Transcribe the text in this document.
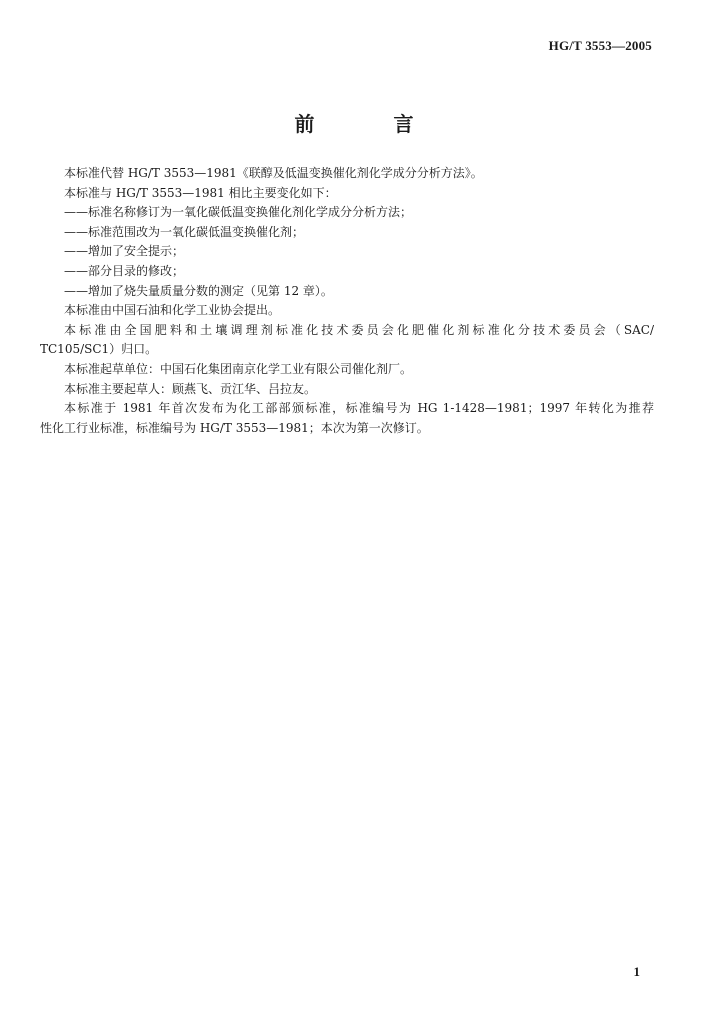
HG/T 3553—2005
前 言
本标准代替 HG/T 3553—1981《联醇及低温变换催化剂化学成分分析方法》。
本标准与 HG/T 3553—1981 相比主要变化如下：
——标准名称修订为一氧化碳低温变换催化剂化学成分分析方法；
——标准范围改为一氧化碳低温变换催化剂；
——增加了安全提示；
——部分目录的修改；
——增加了烧失量质量分数的测定（见第 12 章）。
本标准由中国石油和化学工业协会提出。
本标准由全国肥料和土壤调理剂标准化技术委员会化肥催化剂标准化分技术委员会（SAC/
TC105/SC1）归口。
本标准起草单位：中国石化集团南京化学工业有限公司催化剂厂。
本标准主要起草人：顾燕飞、贡江华、吕拉友。
本标准于 1981 年首次发布为化工部部颁标准，标准编号为 HG 1-1428—1981；1997 年转化为推荐
性化工行业标准，标准编号为 HG/T 3553—1981；本次为第一次修订。
1
